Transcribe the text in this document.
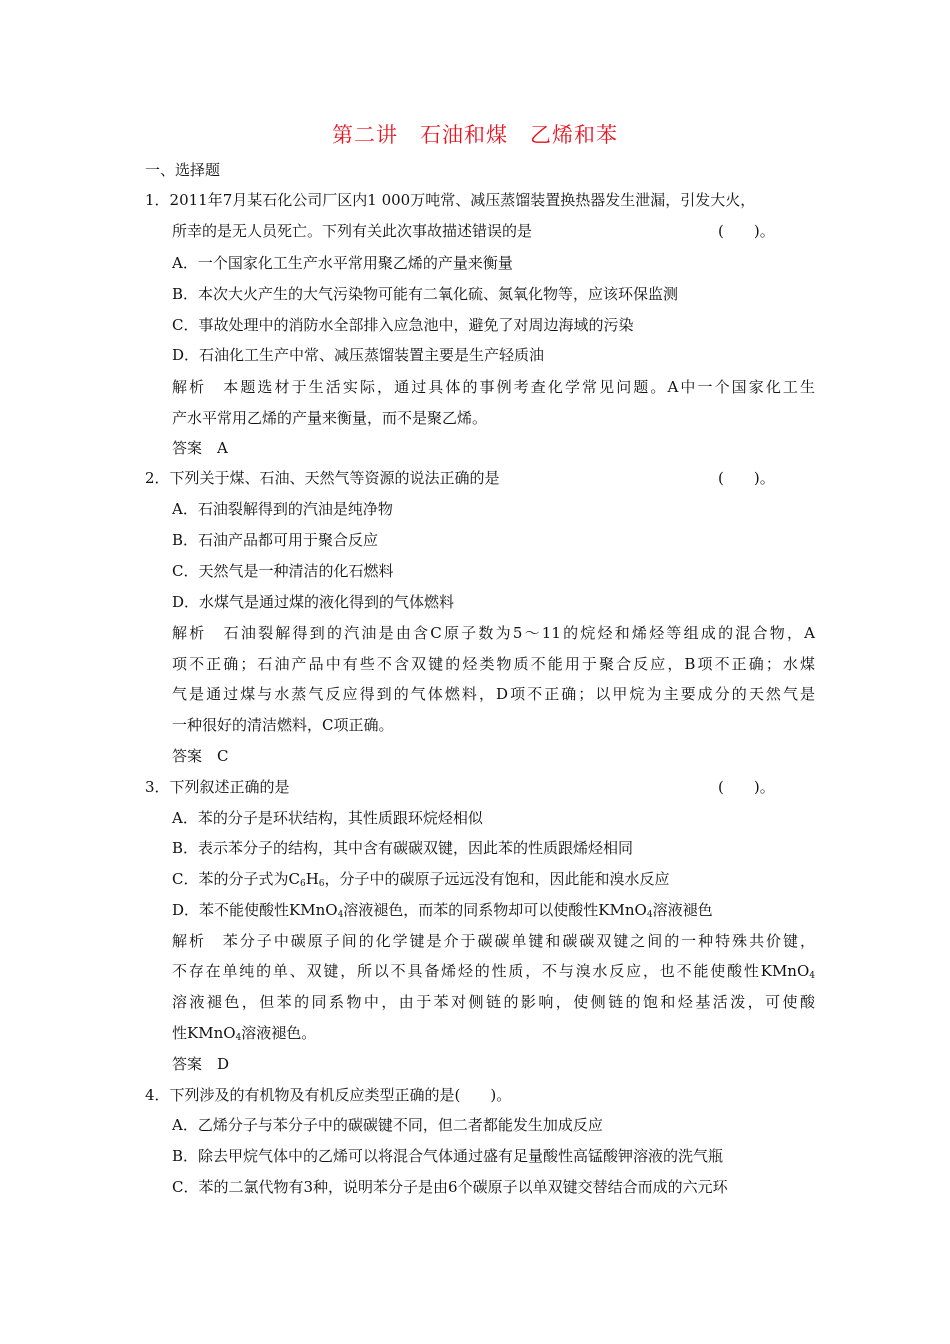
第二讲　石油和煤　乙烯和苯
一、选择题
1．2011年7月某石化公司厂区内1 000万吨常、减压蒸馏装置换热器发生泄漏，引发大火，
所幸的是无人员死亡。下列有关此次事故描述错误的是	(　　)。
A．一个国家化工生产水平常用聚乙烯的产量来衡量
B．本次大火产生的大气污染物可能有二氧化硫、氮氧化物等，应该环保监测
C．事故处理中的消防水全部排入应急池中，避免了对周边海域的污染
D．石油化工生产中常、减压蒸馏装置主要是生产轻质油
解析　本题选材于生活实际，通过具体的事例考查化学常见问题。A中一个国家化工生
产水平常用乙烯的产量来衡量，而不是聚乙烯。
答案　A
2．下列关于煤、石油、天然气等资源的说法正确的是	(　　)。
A．石油裂解得到的汽油是纯净物
B．石油产品都可用于聚合反应
C．天然气是一种清洁的化石燃料
D．水煤气是通过煤的液化得到的气体燃料
解析　石油裂解得到的汽油是由含C原子数为5～11的烷烃和烯烃等组成的混合物，A
项不正确；石油产品中有些不含双键的烃类物质不能用于聚合反应，B项不正确；水煤
气是通过煤与水蒸气反应得到的气体燃料，D项不正确；以甲烷为主要成分的天然气是
一种很好的清洁燃料，C项正确。
答案　C
3．下列叙述正确的是	(　　)。
A．苯的分子是环状结构，其性质跟环烷烃相似
B．表示苯分子的结构，其中含有碳碳双键，因此苯的性质跟烯烃相同
C．苯的分子式为$C_6H_6$，分子中的碳原子远远没有饱和，因此能和溴水反应
D．苯不能使酸性KMnO$_4$溶液褪色，而苯的同系物却可以使酸性KMnO$_4$溶液褪色
解析　苯分子中碳原子间的化学键是介于碳碳单键和碳碳双键之间的一种特殊共价键，
不存在单纯的单、双键，所以不具备烯烃的性质，不与溴水反应，也不能使酸性KMnO$_4$
溶液褪色，但苯的同系物中，由于苯对侧链的影响，使侧链的饱和烃基活泼，可使酸
性KMnO$_4$溶液褪色。
答案　D
4．下列涉及的有机物及有机反应类型正确的是(　　)。
A．乙烯分子与苯分子中的碳碳键不同，但二者都能发生加成反应
B．除去甲烷气体中的乙烯可以将混合气体通过盛有足量酸性高锰酸钾溶液的洗气瓶
C．苯的二氯代物有3种，说明苯分子是由6个碳原子以单双键交替结合而成的六元环
